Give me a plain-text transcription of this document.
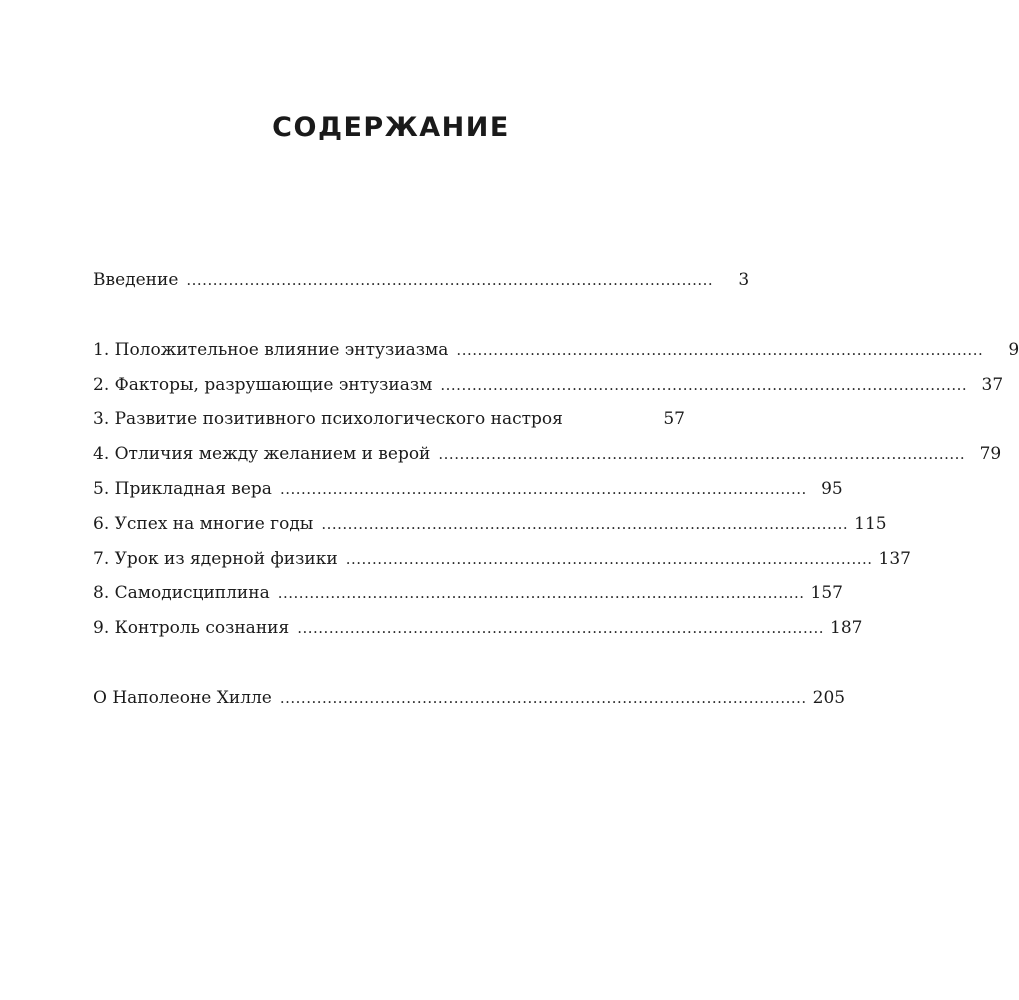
СОДЕРЖАНИЕ
Введение ....................................................................................................	3
1. Положительное влияние энтузиазма ....................................................................................................	9
2. Факторы, разрушающие энтузиазм .................................................................................................... 37
3. Развитие позитивного психологического настроя	57
4. Отличия между желанием и верой .................................................................................................... 79
5. Прикладная вера .................................................................................................... 95
6. Успех на многие годы .................................................................................................... 115
7. Урок из ядерной физики .................................................................................................... 137
8. Самодисциплина .................................................................................................... 157
9. Контроль сознания .................................................................................................... 187
О Наполеоне Хилле .................................................................................................... 205
